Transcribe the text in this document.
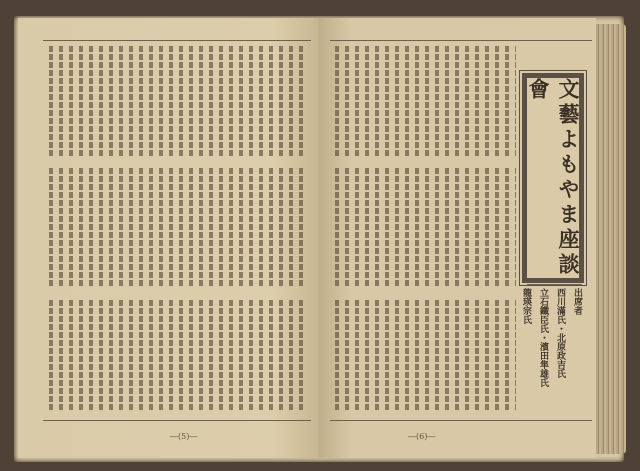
―(5)―	―(6)―
文藝よもやま座談會
出席者
西川滿氏・北原政吉氏
立石鐵臣氏・濱田隼雄氏
龍瑛宗氏
